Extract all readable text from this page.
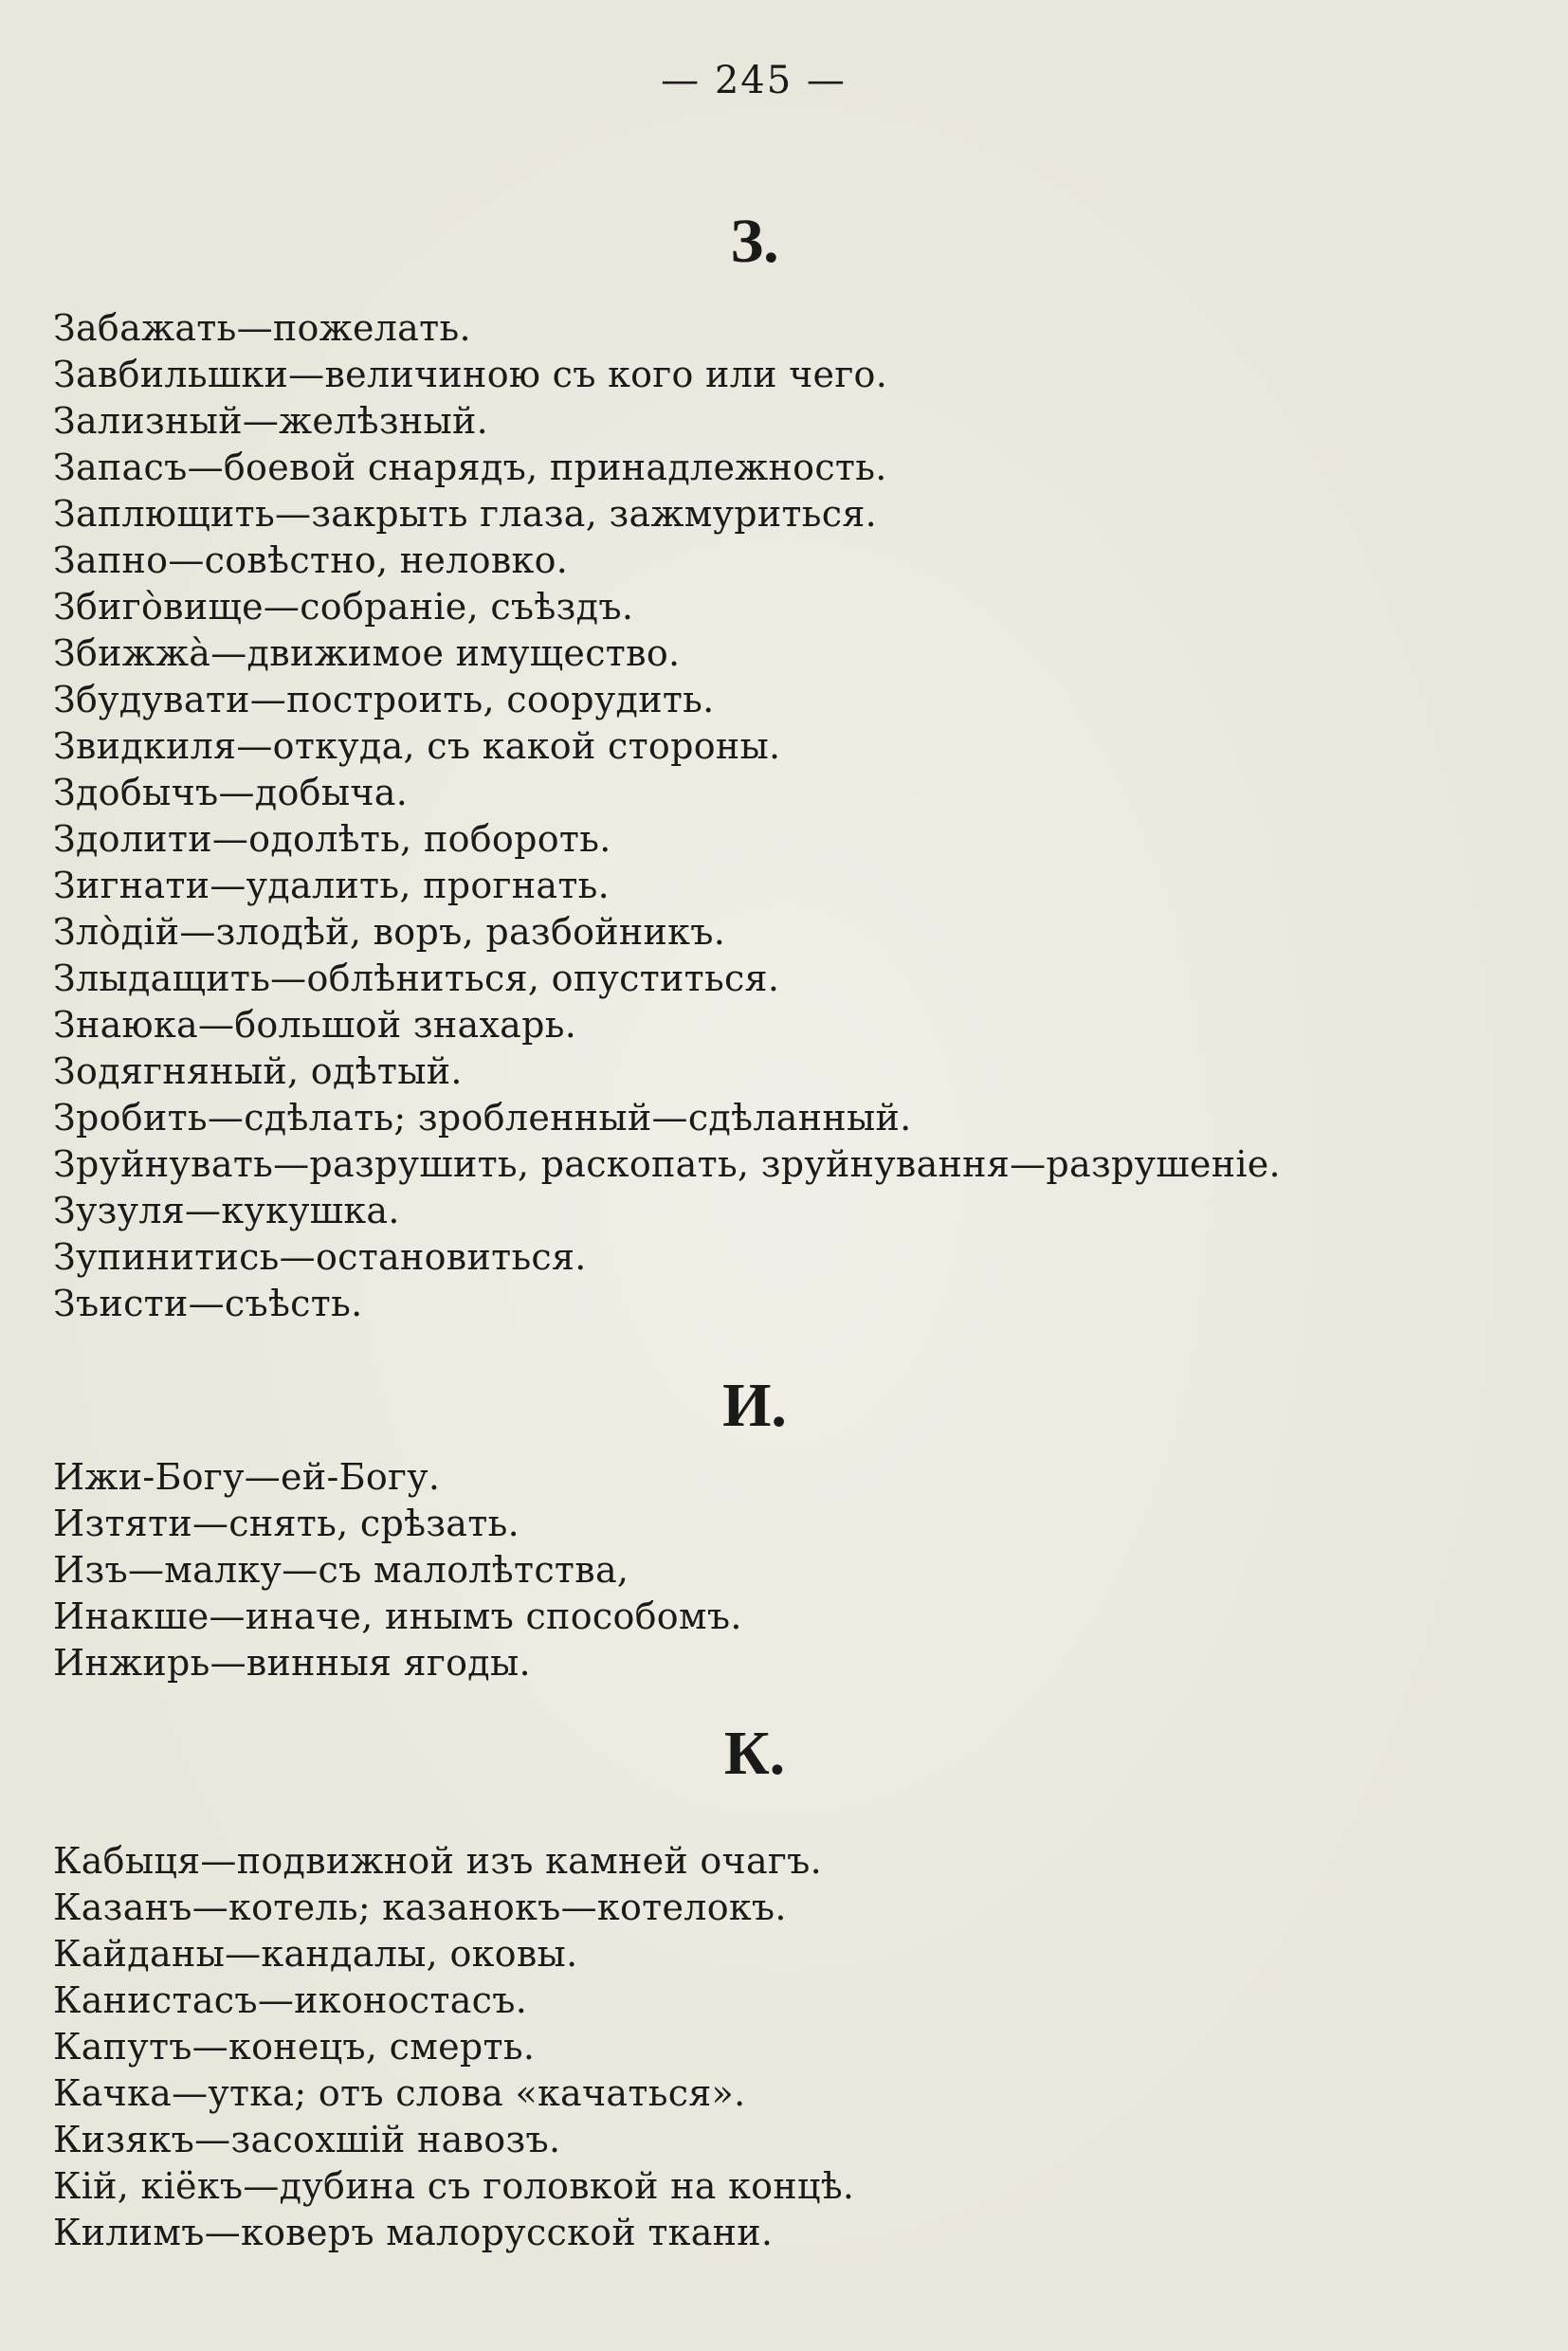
— 245 —
З.
Забажать—пожелать.
Завбильшки—величиною съ кого или чего.
Зализный—желѣзный.
Запасъ—боевой снарядъ, принадлежность.
Заплющить—закрыть глаза, зажмуриться.
Запно—совѣстно, неловко.
Збигòвище—собраніе, съѣздъ.
Збижжà—движимое имущество.
Збудувати—построить, соорудить.
Звидкиля—откуда, съ какой стороны.
Здобычъ—добыча.
Здолити—одолѣть, побороть.
Зигнати—удалить, прогнать.
Злòдій—злодѣй, воръ, разбойникъ.
Злыдащить—облѣниться, опуститься.
Знаюка—большой знахарь.
Зодягняный, одѣтый.
Зробить—сдѣлать; зробленный—сдѣланный.
Зруйнувать—разрушить, раскопать, зруйнування—разрушеніе.
Зузуля—кукушка.
Зупинитись—остановиться.
Зъисти—съѣсть.
И.
Ижи-Богу—ей-Богу.
Изтяти—снять, срѣзать.
Изъ—малку—съ малолѣтства,
Инакше—иначе, инымъ способомъ.
Инжирь—винныя ягоды.
К.
Кабыця—подвижной изъ камней очагъ.
Казанъ—котель; казанокъ—котелокъ.
Кайданы—кандалы, оковы.
Канистасъ—иконостасъ.
Капутъ—конецъ, смерть.
Качка—утка; отъ слова «качаться».
Кизякъ—засохшій навозъ.
Кій, кіёкъ—дубина съ головкой на концѣ.
Килимъ—коверъ малорусской ткани.
